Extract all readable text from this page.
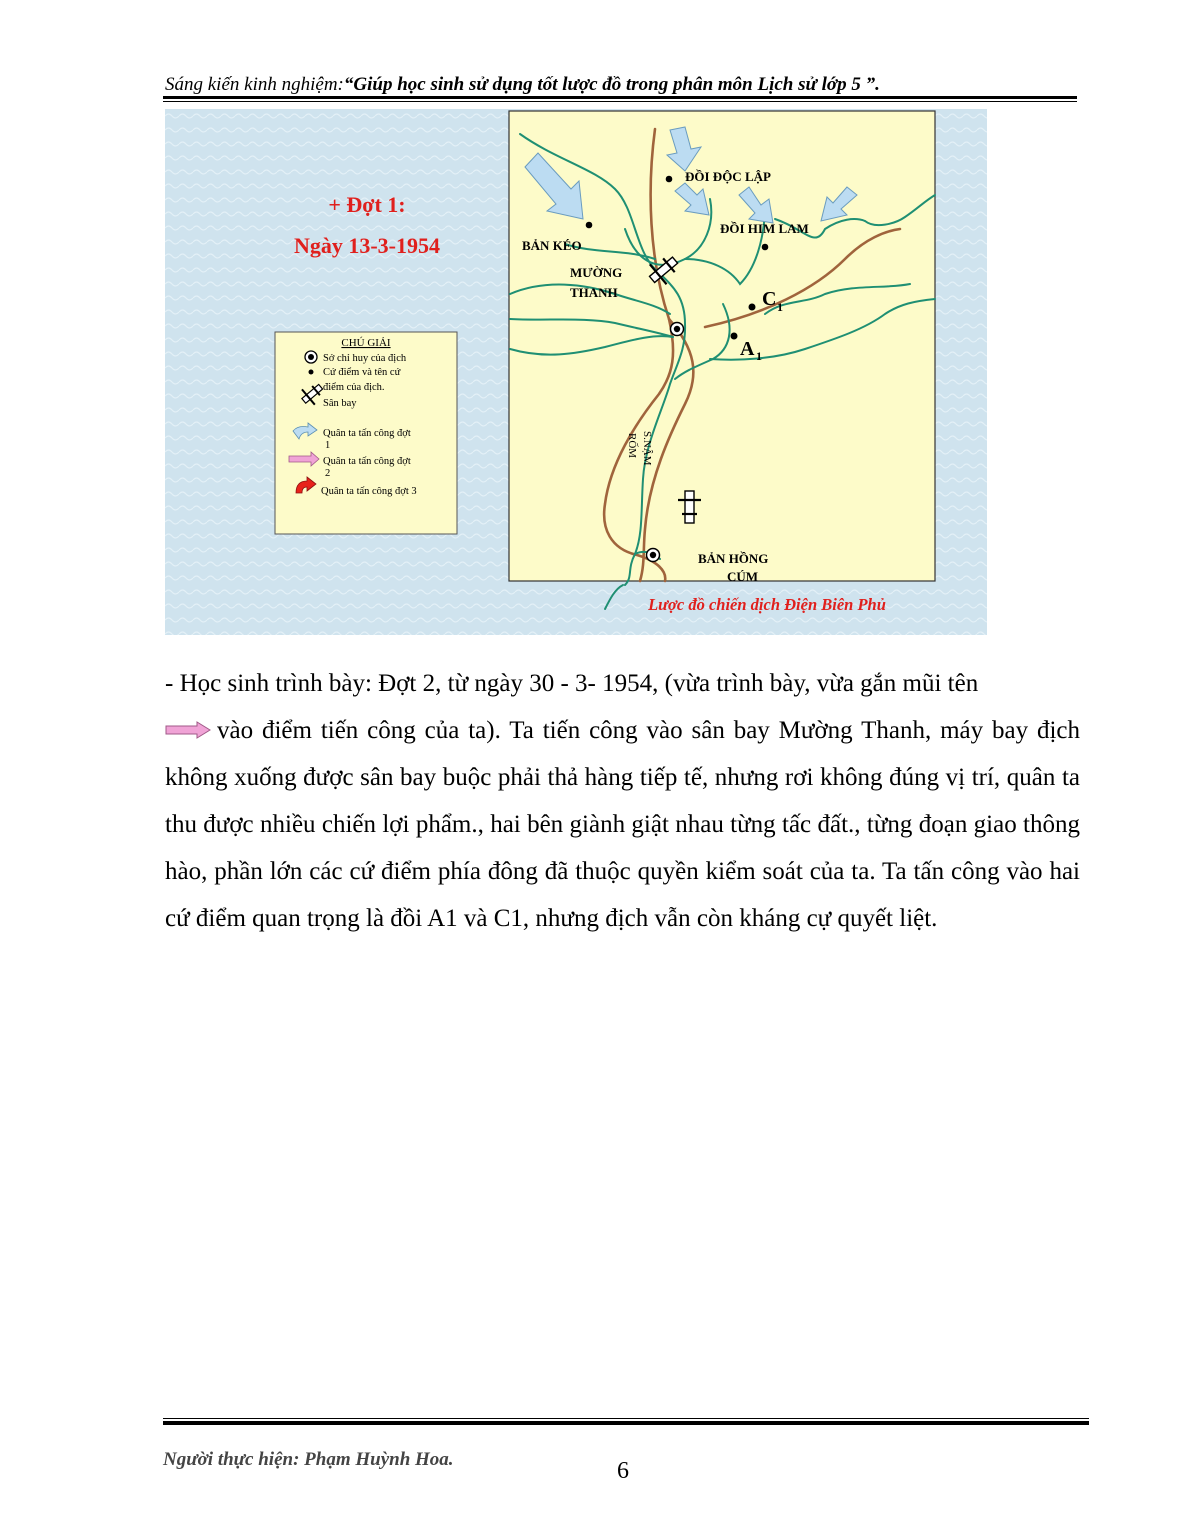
Sáng kiến kinh nghiệm:“Giúp học sinh sử dụng tốt lược đồ trong phân môn Lịch sử lớp 5 ”.
+ Đợt 1:
Ngày 13-3-1954
CHÚ GIẢI
Sở chỉ huy của địch
Cứ điểm và tên cứ
điểm của địch.
Sân bay
Quân ta tấn công đợt
1
Quân ta tấn công đợt
2
Quân ta tấn công đợt 3
ĐỒI ĐỘC LẬP
BẢN KÉO
ĐỒI HIM LAM
MƯỜNG
THANH	C 1
A 1
S.NẬM
RỐM
BẢN HỒNG
CÚM
Lược đồ chiến dịch Điện Biên Phủ

- Học sinh trình bày: Đợt 2, từ ngày 30 - 3- 1954, (vừa trình bày, vừa gắn mũi tên
vào điểm tiến công của ta). Ta tiến công vào sân bay Mường Thanh, máy bay địch không xuống được sân bay buộc phải thả hàng tiếp tế, nhưng rơi không đúng vị trí, quân ta thu được nhiều chiến lợi phẩm., hai bên giành giật nhau từng tấc đất., từng đoạn giao thông hào, phần lớn các cứ điểm phía đông đã thuộc quyền kiểm soát của ta. Ta tấn công vào hai cứ điểm quan trọng là đồi A1 và C1, nhưng địch vẫn còn kháng cự quyết liệt.

Người thực hiện: Phạm Huỳnh Hoa.	6
